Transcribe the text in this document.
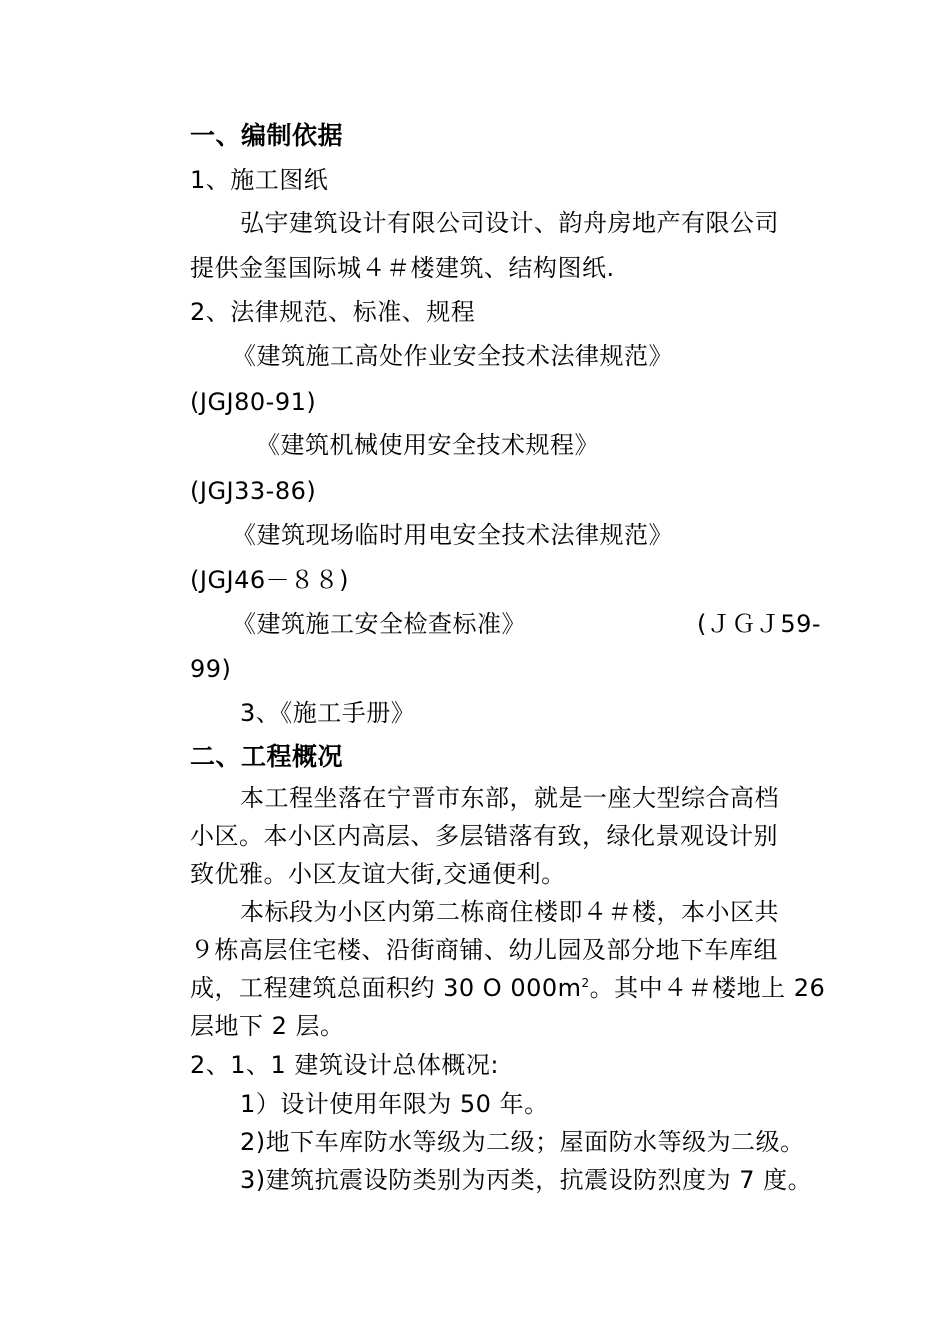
一、编制依据
1、施工图纸
弘宇建筑设计有限公司设计、韵舟房地产有限公司
提供金玺国际城４＃楼建筑、结构图纸.
2、法律规范、标准、规程
《建筑施工高处作业安全技术法律规范》
(JGJ80-91)
《建筑机械使用安全技术规程》
(JGJ33-86)
《建筑现场临时用电安全技术法律规范》
(JGJ46－８８)
《建筑施工安全检查标准》	(ＪＧＪ59-
99)
3、《施工手册》
二、工程概况
本工程坐落在宁晋市东部，就是一座大型综合高档
小区。本小区内高层、多层错落有致，绿化景观设计别
致优雅。小区友谊大街,交通便利。
本标段为小区内第二栋商住楼即４＃楼，本小区共
９栋高层住宅楼、沿街商铺、幼儿园及部分地下车库组
成，工程建筑总面积约 30 O $000m^2$。其中４＃楼地上 26
层地下 2 层。
2、1、1 建筑设计总体概况:
1）设计使用年限为 50 年。
2)地下车库防水等级为二级；屋面防水等级为二级。
3)建筑抗震设防类别为丙类，抗震设防烈度为 7 度。
